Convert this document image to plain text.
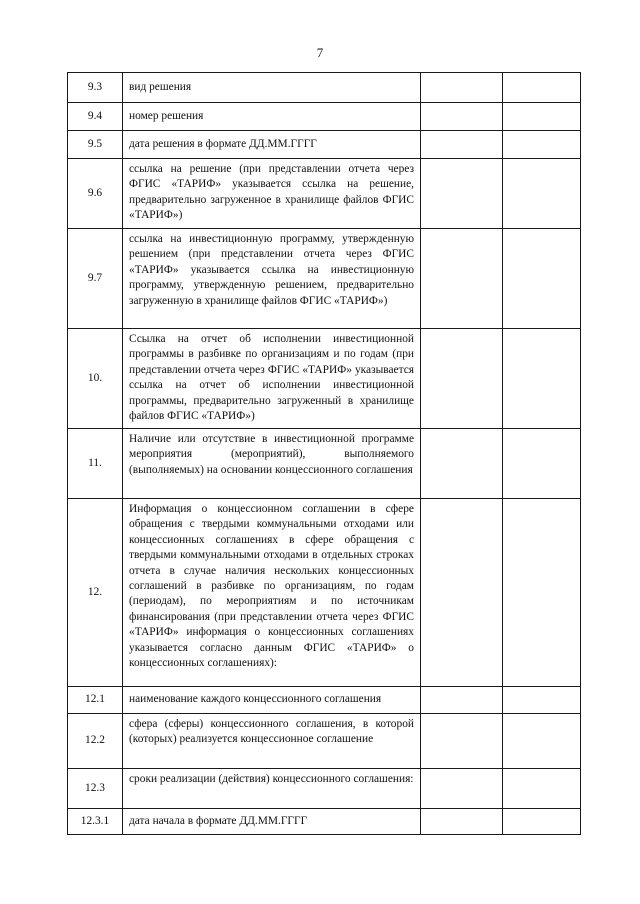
7
9.3	вид решения		
9.4	номер решения		
9.5	дата решения в формате ДД.ММ.ГГГГ		
9.6	ссылка на решение (при представлении отчета через ФГИС «ТАРИФ» указывается ссылка на решение, предварительно загруженное в хранилище файлов ФГИС «ТАРИФ»)		
9.7	ссылка на инвестиционную программу, утвержденную решением (при представлении отчета через ФГИС «ТАРИФ» указывается ссылка на инвестиционную программу, утвержденную решением, предварительно загруженную в хранилище файлов ФГИС «ТАРИФ»)		
10.	Ссылка на отчет об исполнении инвестиционной программы в разбивке по организациям и по годам (при представлении отчета через ФГИС «ТАРИФ» указывается ссылка на отчет об исполнении инвестиционной программы, предварительно загруженный в хранилище файлов ФГИС «ТАРИФ»)		
11.	Наличие или отсутствие в инвестиционной программе мероприятия (мероприятий), выполняемого (выполняемых) на основании концессионного соглашения		
12.	Информация о концессионном соглашении в сфере обращения с твердыми коммунальными отходами или концессионных соглашениях в сфере обращения с твердыми коммунальными отходами в отдельных строках отчета в случае наличия нескольких концессионных соглашений в разбивке по организациям, по годам (периодам), по мероприятиям и по источникам финансирования (при представлении отчета через ФГИС «ТАРИФ» информация о концессионных соглашениях указывается согласно данным ФГИС «ТАРИФ» о концессионных соглашениях):		
12.1	наименование каждого концессионного соглашения		
12.2	сфера (сферы) концессионного соглашения, в которой (которых) реализуется концессионное соглашение		
12.3	сроки реализации (действия) концессионного соглашения:		
12.3.1	дата начала в формате ДД.ММ.ГГГГ		
